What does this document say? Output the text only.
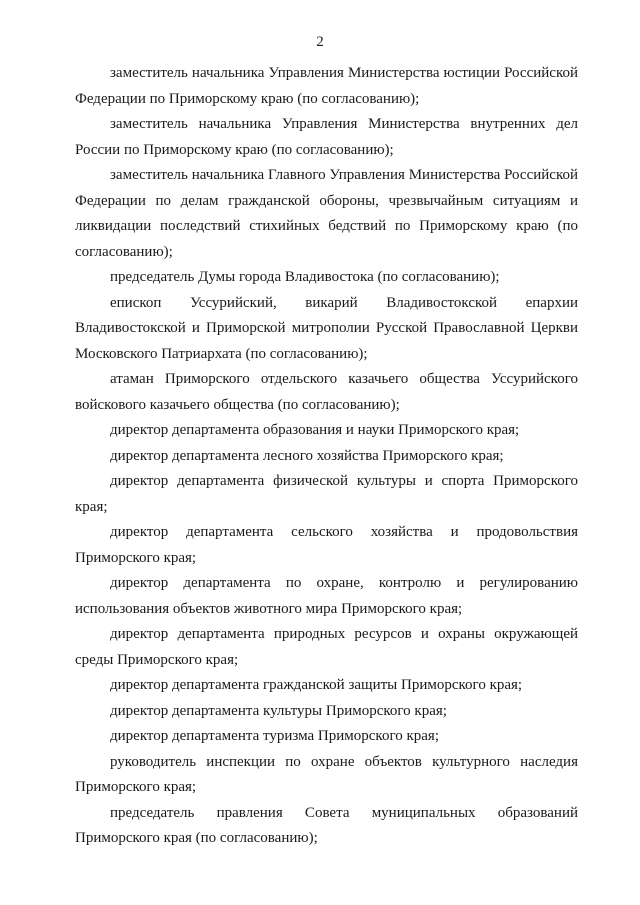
2

заместитель начальника Управления Министерства юстиции Российской Федерации по Приморскому краю (по согласованию);

заместитель начальника Управления Министерства внутренних дел России по Приморскому краю (по согласованию);

заместитель начальника Главного Управления Министерства Российской Федерации по делам гражданской обороны, чрезвычайным ситуациям и ликвидации последствий стихийных бедствий по Приморскому краю (по согласованию);

председатель Думы города Владивостока (по согласованию);

епископ Уссурийский, викарий Владивостокской епархии Владивостокской и Приморской митрополии Русской Православной Церкви Московского Патриархата (по согласованию);

атаман Приморского отдельского казачьего общества Уссурийского войскового казачьего общества (по согласованию);

директор департамента образования и науки Приморского края;

директор департамента лесного хозяйства Приморского края;

директор департамента физической культуры и спорта Приморского края;

директор департамента сельского хозяйства и продовольствия Приморского края;

директор департамента по охране, контролю и регулированию использования объектов животного мира Приморского края;

директор департамента природных ресурсов и охраны окружающей среды Приморского края;

директор департамента гражданской защиты Приморского края;

директор департамента культуры Приморского края;

директор департамента туризма Приморского края;

руководитель инспекции по охране объектов культурного наследия Приморского края;

председатель правления Совета муниципальных образований Приморского края (по согласованию);
